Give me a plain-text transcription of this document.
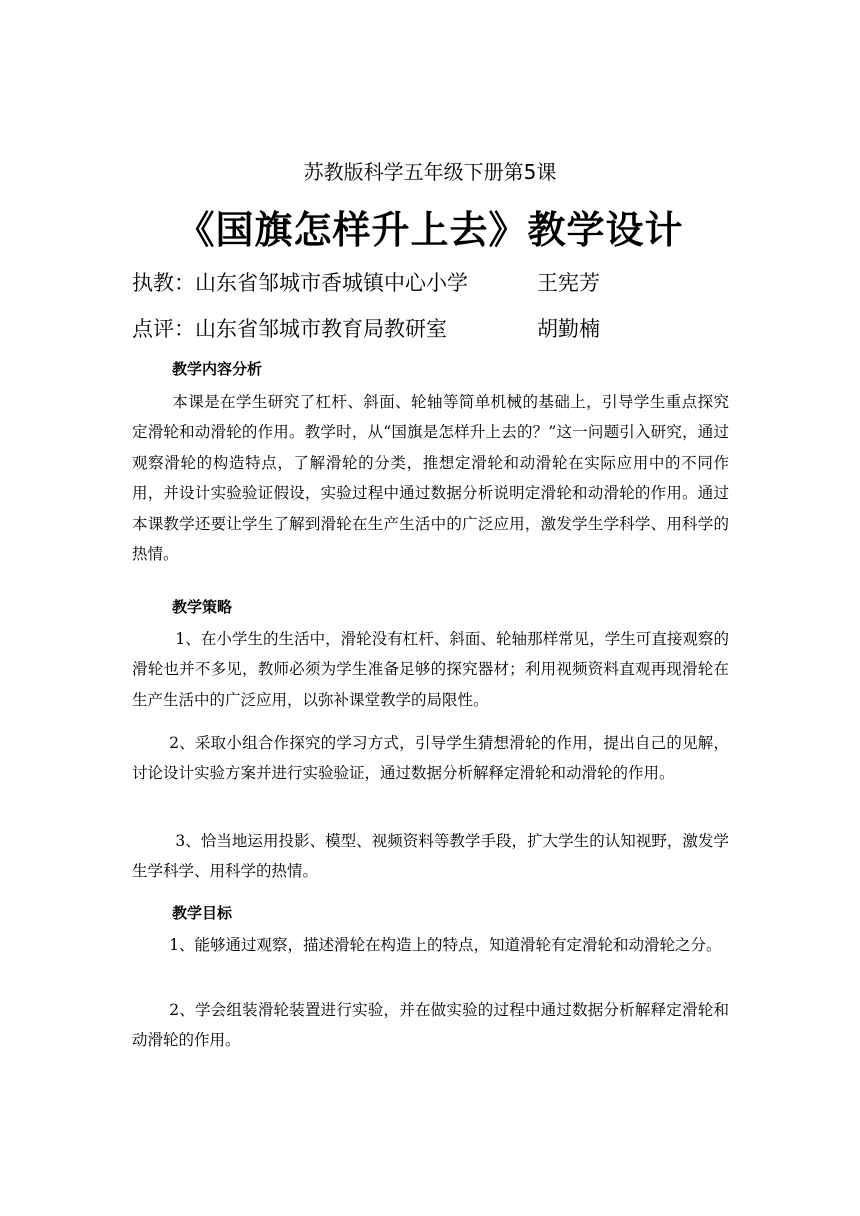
苏教版科学五年级下册第5课
《国旗怎样升上去》教学设计
执教：山东省邹城市香城镇中心小学	王宪芳
点评：山东省邹城市教育局教研室	胡勤楠
教学内容分析
本课是在学生研究了杠杆、斜面、轮轴等简单机械的基础上，引导学生重点探究定滑轮和动滑轮的作用。教学时，从“国旗是怎样升上去的？”这一问题引入研究，通过观察滑轮的构造特点，了解滑轮的分类，推想定滑轮和动滑轮在实际应用中的不同作用，并设计实验验证假设，实验过程中通过数据分析说明定滑轮和动滑轮的作用。通过本课教学还要让学生了解到滑轮在生产生活中的广泛应用，激发学生学科学、用科学的热情。
教学策略
1、在小学生的生活中，滑轮没有杠杆、斜面、轮轴那样常见，学生可直接观察的滑轮也并不多见，教师必须为学生准备足够的探究器材；利用视频资料直观再现滑轮在生产生活中的广泛应用，以弥补课堂教学的局限性。
2、采取小组合作探究的学习方式，引导学生猜想滑轮的作用，提出自己的见解，讨论设计实验方案并进行实验验证，通过数据分析解释定滑轮和动滑轮的作用。
3、恰当地运用投影、模型、视频资料等教学手段，扩大学生的认知视野，激发学生学科学、用科学的热情。
教学目标
1、能够通过观察，描述滑轮在构造上的特点，知道滑轮有定滑轮和动滑轮之分。
2、学会组装滑轮装置进行实验，并在做实验的过程中通过数据分析解释定滑轮和动滑轮的作用。
